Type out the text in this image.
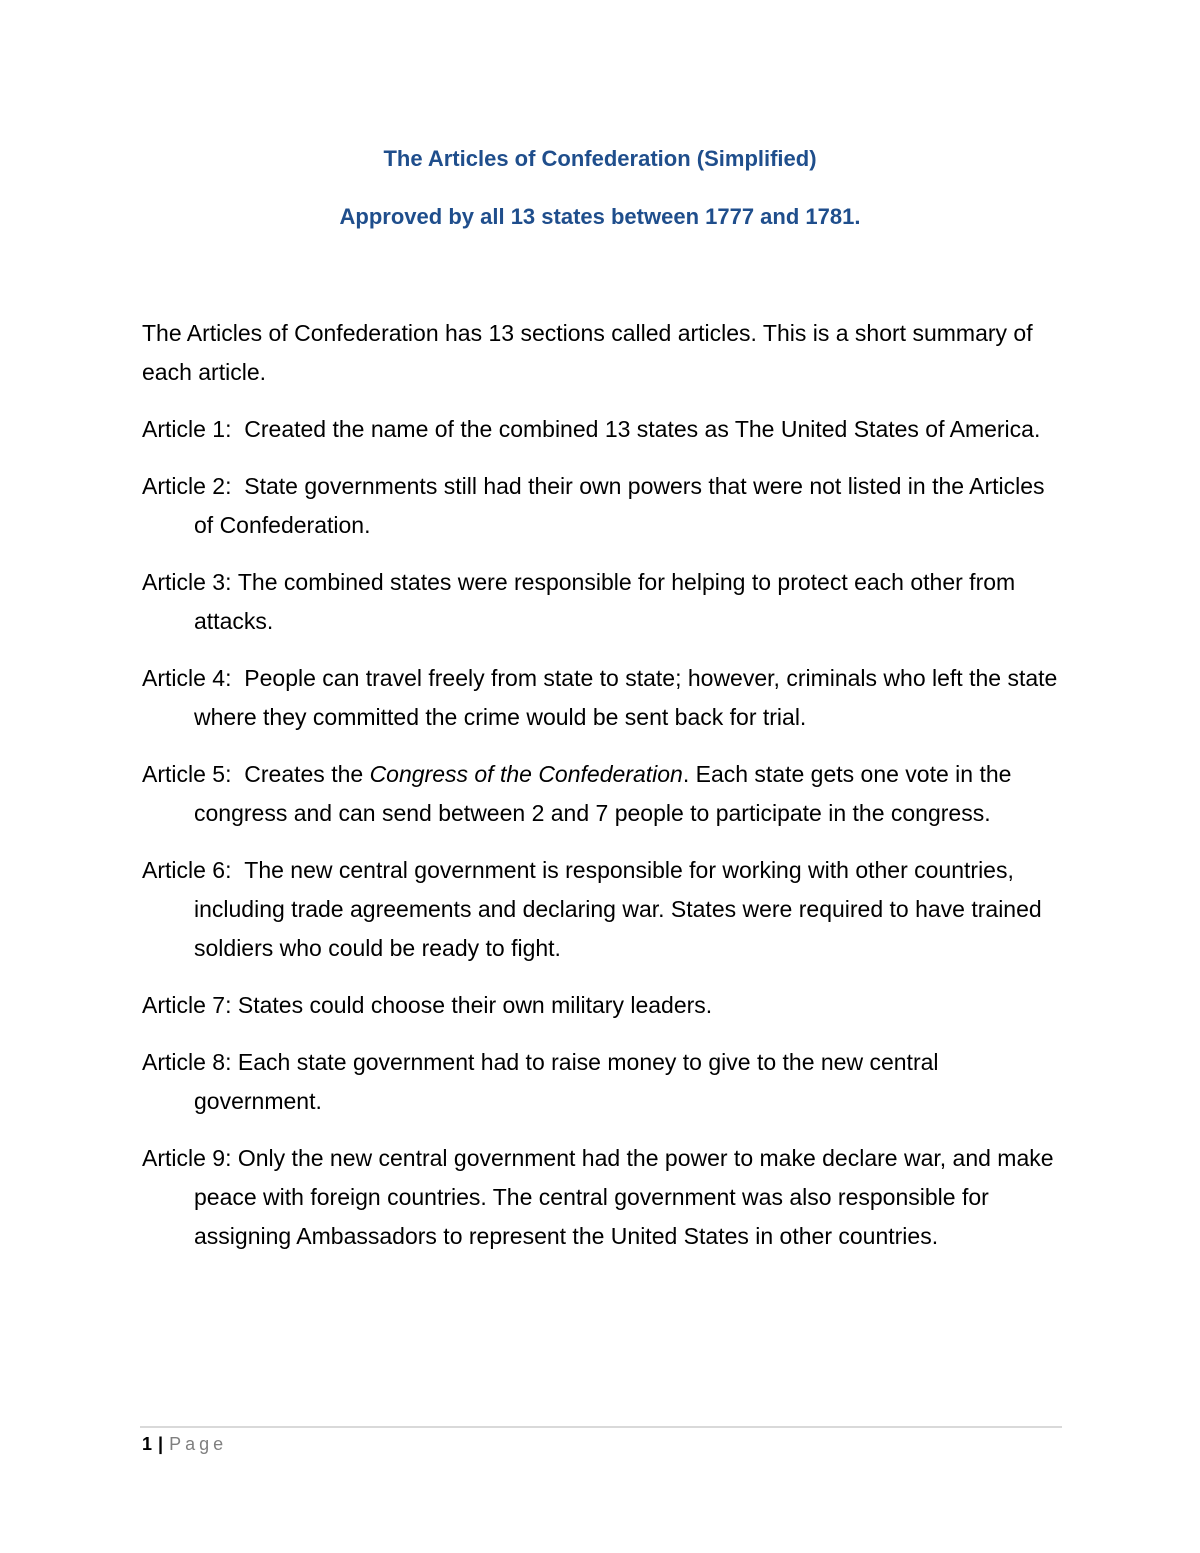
The Articles of Confederation (Simplified)

Approved by all 13 states between 1777 and 1781.

The Articles of Confederation has 13 sections called articles. This is a short summary of each article.

Article 1: Created the name of the combined 13 states as The United States of America.

Article 2: State governments still had their own powers that were not listed in the Articles of Confederation.

Article 3: The combined states were responsible for helping to protect each other from attacks.

Article 4: People can travel freely from state to state; however, criminals who left the state where they committed the crime would be sent back for trial.

Article 5: Creates the Congress of the Confederation. Each state gets one vote in the congress and can send between 2 and 7 people to participate in the congress.

Article 6: The new central government is responsible for working with other countries, including trade agreements and declaring war. States were required to have trained soldiers who could be ready to fight.

Article 7: States could choose their own military leaders.

Article 8: Each state government had to raise money to give to the new central government.

Article 9: Only the new central government had the power to make declare war, and make peace with foreign countries. The central government was also responsible for assigning Ambassadors to represent the United States in other countries.

1 | Page
